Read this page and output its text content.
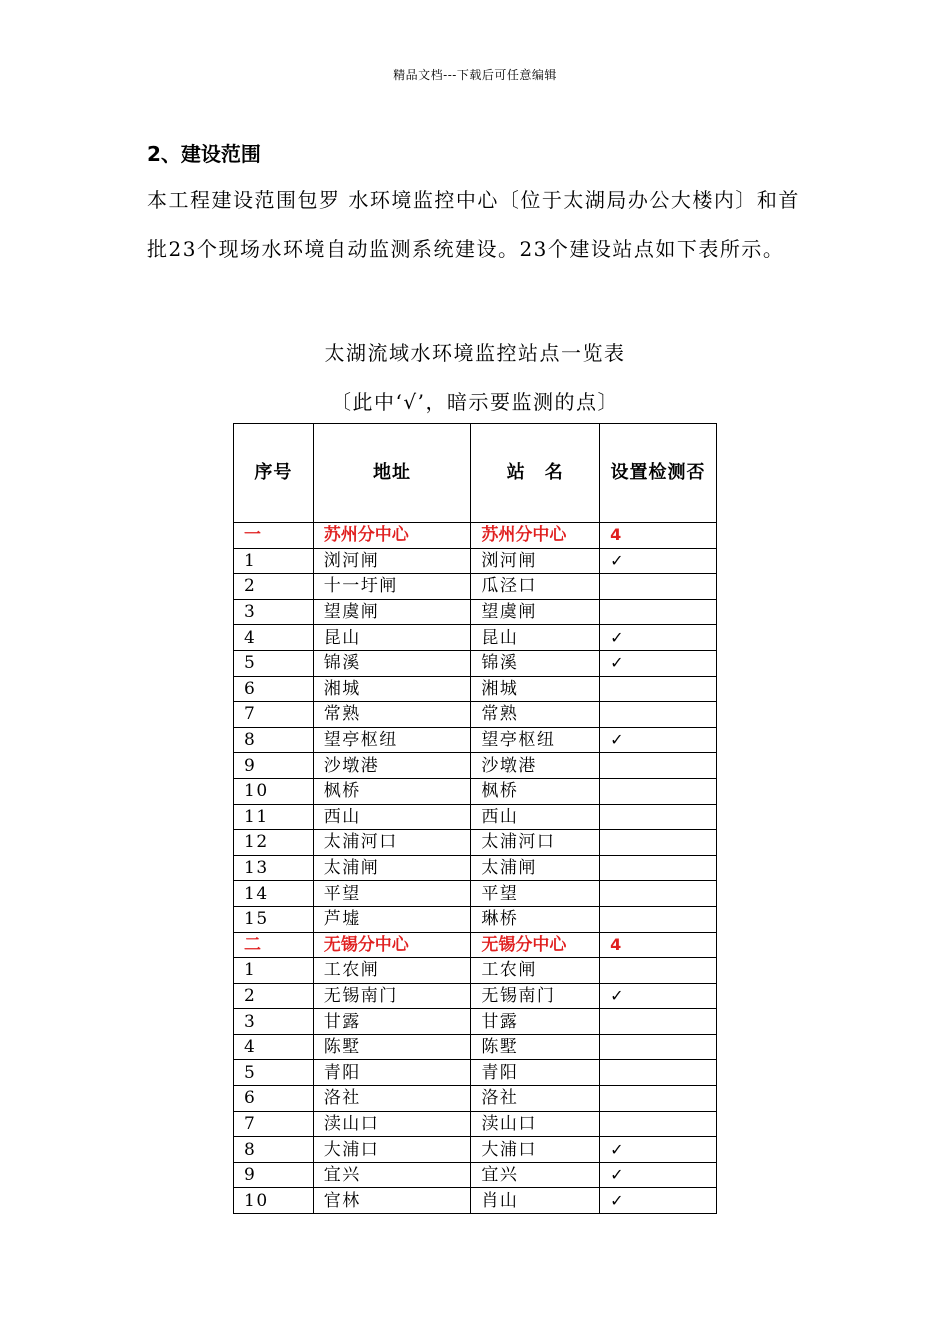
精品文档---下载后可任意编辑
2、建设范围
本工程建设范围包罗 水环境监控中心〔位于太湖局办公大楼内〕和首批23个现场水环境自动监测系统建设。23个建设站点如下表所示。
太湖流域水环境监控站点一览表
〔此中‘√’，暗示要监测的点〕
序号	地址	站　名	设置检测否
一	苏州分中心	苏州分中心	4
1	浏河闸	浏河闸	✓
2	十一圩闸	瓜泾口	
3	望虞闸	望虞闸	
4	昆山	昆山	✓
5	锦溪	锦溪	✓
6	湘城	湘城	
7	常熟	常熟	
8	望亭枢纽	望亭枢纽	✓
9	沙墩港	沙墩港	
10	枫桥	枫桥	
11	西山	西山	
12	太浦河口	太浦河口	
13	太浦闸	太浦闸	
14	平望	平望	
15	芦墟	琳桥	
二	无锡分中心	无锡分中心	4
1	工农闸	工农闸	
2	无锡南门	无锡南门	✓
3	甘露	甘露	
4	陈墅	陈墅	
5	青阳	青阳	
6	洛社	洛社	
7	渎山口	渎山口	
8	大浦口	大浦口	✓
9	宜兴	宜兴	✓
10	官林	肖山	✓
